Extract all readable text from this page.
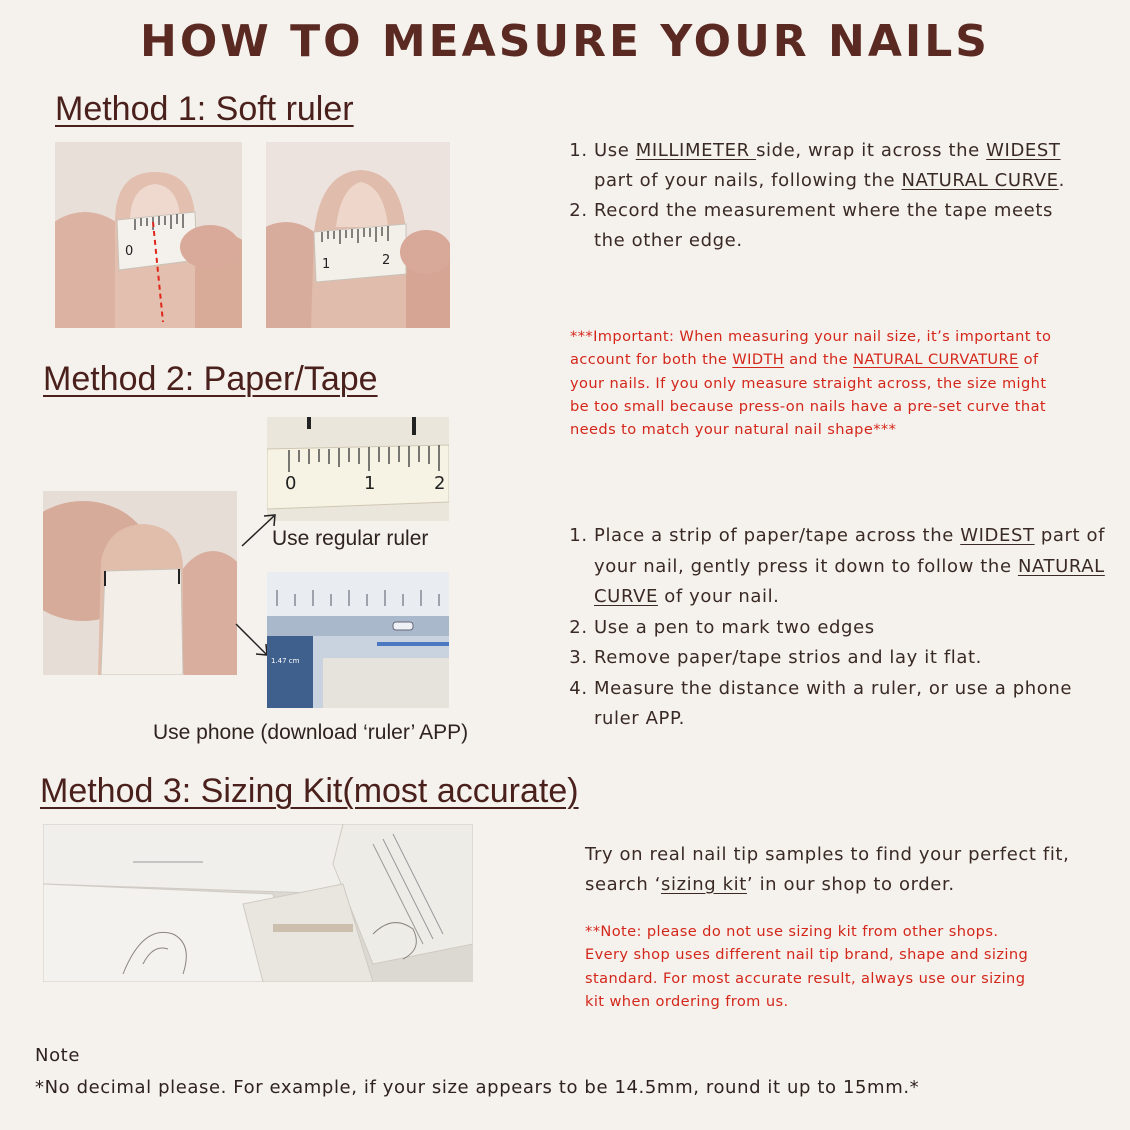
HOW TO MEASURE YOUR NAILS
Method 1: Soft ruler
0
1	2
1. Use MILLIMETER side, wrap it across the WIDEST part of your nails, following the NATURAL CURVE.
2. Record the measurement where the tape meets the other edge.
***Important: When measuring your nail size, it’s important to account for both the WIDTH and the NATURAL CURVATURE of your nails. If you only measure straight across, the size might be too small because press-on nails have a pre-set curve that needs to match your natural nail shape***
Method 2: Paper/Tape
0	1	2
Use regular ruler
1.47 cm
Use phone (download ‘ruler’ APP)
1. Place a strip of paper/tape across the WIDEST part of your nail, gently press it down to follow the NATURAL CURVE of your nail.
2. Use a pen to mark two edges
3. Remove paper/tape strios and lay it flat.
4. Measure the distance with a ruler, or use a phone ruler APP.
Method 3: Sizing Kit(most accurate)
Try on real nail tip samples to find your perfect fit, search ‘sizing kit’ in our shop to order.
**Note: please do not use sizing kit from other shops. Every shop uses different nail tip brand, shape and sizing standard. For most accurate result, always use our sizing kit when ordering from us.
Note
*No decimal please. For example, if your size appears to be 14.5mm, round it up to 15mm.*
